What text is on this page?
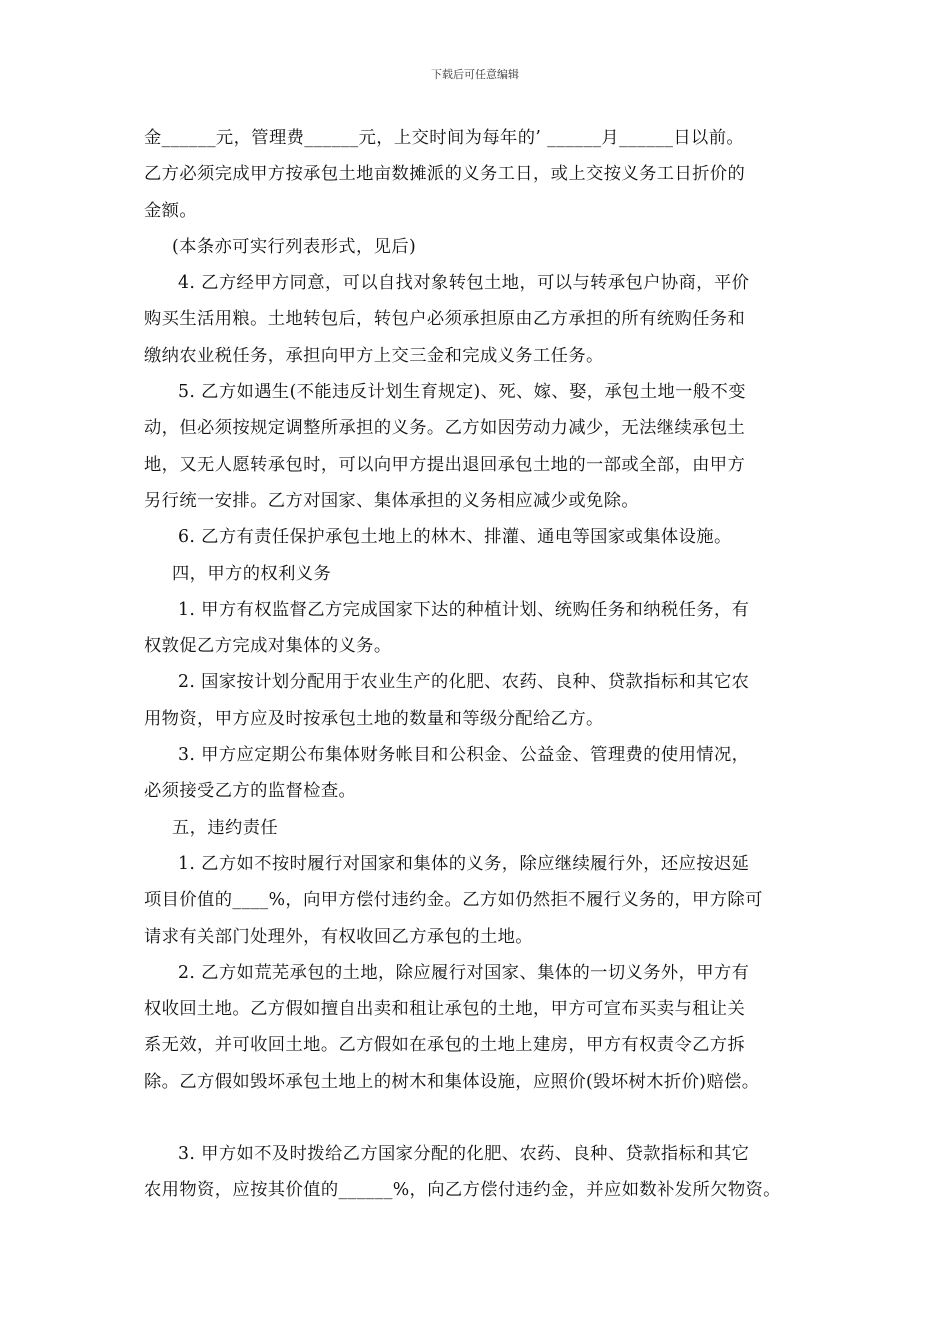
下载后可任意编辑
金______元，管理费______元，上交时间为每年的’ ______月______日以前。
乙方必须完成甲方按承包土地亩数摊派的义务工日，或上交按义务工日折价的
金额。
(本条亦可实行列表形式，见后)
4. 乙方经甲方同意，可以自找对象转包土地，可以与转承包户协商，平价
购买生活用粮。土地转包后，转包户必须承担原由乙方承担的所有统购任务和
缴纳农业税任务，承担向甲方上交三金和完成义务工任务。
5. 乙方如遇生(不能违反计划生育规定)、死、嫁、娶，承包土地一般不变
动，但必须按规定调整所承担的义务。乙方如因劳动力减少，无法继续承包土
地，又无人愿转承包时，可以向甲方提出退回承包土地的一部或全部，由甲方
另行统一安排。乙方对国家、集体承担的义务相应减少或免除。
6. 乙方有责任保护承包土地上的林木、排灌、通电等国家或集体设施。
四，甲方的权利义务
1. 甲方有权监督乙方完成国家下达的种植计划、统购任务和纳税任务，有
权敦促乙方完成对集体的义务。
2. 国家按计划分配用于农业生产的化肥、农药、良种、贷款指标和其它农
用物资，甲方应及时按承包土地的数量和等级分配给乙方。
3. 甲方应定期公布集体财务帐目和公积金、公益金、管理费的使用情况，
必须接受乙方的监督检查。
五，违约责任
1. 乙方如不按时履行对国家和集体的义务，除应继续履行外，还应按迟延
项目价值的____%，向甲方偿付违约金。乙方如仍然拒不履行义务的，甲方除可
请求有关部门处理外，有权收回乙方承包的土地。
2. 乙方如荒芜承包的土地，除应履行对国家、集体的一切义务外，甲方有
权收回土地。乙方假如擅自出卖和租让承包的土地，甲方可宣布买卖与租让关
系无效，并可收回土地。乙方假如在承包的土地上建房，甲方有权责令乙方拆
除。乙方假如毁坏承包土地上的树木和集体设施，应照价(毁坏树木折价)赔偿。
3. 甲方如不及时拨给乙方国家分配的化肥、农药、良种、贷款指标和其它
农用物资，应按其价值的______%，向乙方偿付违约金，并应如数补发所欠物资。
